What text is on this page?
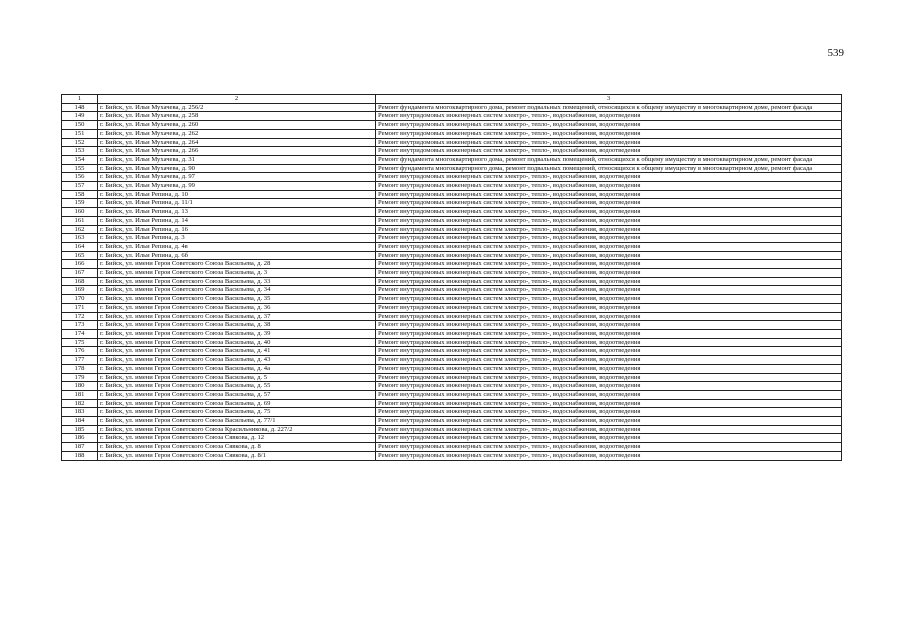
539
1	2	3
148	г. Бийск, ул. Ильи Мухачева, д. 256/2	Ремонт фундамента многоквартирного дома, ремонт подвальных помещений, относящихся к общему имуществу в многоквартирном доме, ремонт фасада
149	г. Бийск, ул. Ильи Мухачева, д. 258	Ремонт внутридомовых инженерных систем электро-, тепло-, водоснабжения, водоотведения
150	г. Бийск, ул. Ильи Мухачева, д. 260	Ремонт внутридомовых инженерных систем электро-, тепло-, водоснабжения, водоотведения
151	г. Бийск, ул. Ильи Мухачева, д. 262	Ремонт внутридомовых инженерных систем электро-, тепло-, водоснабжения, водоотведения
152	г. Бийск, ул. Ильи Мухачева, д. 264	Ремонт внутридомовых инженерных систем электро-, тепло-, водоснабжения, водоотведения
153	г. Бийск, ул. Ильи Мухачева, д. 266	Ремонт внутридомовых инженерных систем электро-, тепло-, водоснабжения, водоотведения
154	г. Бийск, ул. Ильи Мухачева, д. 31	Ремонт фундамента многоквартирного дома, ремонт подвальных помещений, относящихся к общему имуществу в многоквартирном доме, ремонт фасада
155	г. Бийск, ул. Ильи Мухачева, д. 90	Ремонт фундамента многоквартирного дома, ремонт подвальных помещений, относящихся к общему имуществу в многоквартирном доме, ремонт фасада
156	г. Бийск, ул. Ильи Мухачева, д. 97	Ремонт внутридомовых инженерных систем электро-, тепло-, водоснабжения, водоотведения
157	г. Бийск, ул. Ильи Мухачева, д. 99	Ремонт внутридомовых инженерных систем электро-, тепло-, водоснабжения, водоотведения
158	г. Бийск, ул. Ильи Репина, д. 10	Ремонт внутридомовых инженерных систем электро-, тепло-, водоснабжения, водоотведения
159	г. Бийск, ул. Ильи Репина, д. 11/1	Ремонт внутридомовых инженерных систем электро-, тепло-, водоснабжения, водоотведения
160	г. Бийск, ул. Ильи Репина, д. 13	Ремонт внутридомовых инженерных систем электро-, тепло-, водоснабжения, водоотведения
161	г. Бийск, ул. Ильи Репина, д. 14	Ремонт внутридомовых инженерных систем электро-, тепло-, водоснабжения, водоотведения
162	г. Бийск, ул. Ильи Репина, д. 16	Ремонт внутридомовых инженерных систем электро-, тепло-, водоснабжения, водоотведения
163	г. Бийск, ул. Ильи Репина, д. 3	Ремонт внутридомовых инженерных систем электро-, тепло-, водоснабжения, водоотведения
164	г. Бийск, ул. Ильи Репина, д. 4в	Ремонт внутридомовых инженерных систем электро-, тепло-, водоснабжения, водоотведения
165	г. Бийск, ул. Ильи Репина, д. 6б	Ремонт внутридомовых инженерных систем электро-, тепло-, водоснабжения, водоотведения
166	г. Бийск, ул. имени Героя Советского Союза Васильева, д. 28	Ремонт внутридомовых инженерных систем электро-, тепло-, водоснабжения, водоотведения
167	г. Бийск, ул. имени Героя Советского Союза Васильева, д. 3	Ремонт внутридомовых инженерных систем электро-, тепло-, водоснабжения, водоотведения
168	г. Бийск, ул. имени Героя Советского Союза Васильева, д. 33	Ремонт внутридомовых инженерных систем электро-, тепло-, водоснабжения, водоотведения
169	г. Бийск, ул. имени Героя Советского Союза Васильева, д. 34	Ремонт внутридомовых инженерных систем электро-, тепло-, водоснабжения, водоотведения
170	г. Бийск, ул. имени Героя Советского Союза Васильева, д. 35	Ремонт внутридомовых инженерных систем электро-, тепло-, водоснабжения, водоотведения
171	г. Бийск, ул. имени Героя Советского Союза Васильева, д. 36	Ремонт внутридомовых инженерных систем электро-, тепло-, водоснабжения, водоотведения
172	г. Бийск, ул. имени Героя Советского Союза Васильева, д. 37	Ремонт внутридомовых инженерных систем электро-, тепло-, водоснабжения, водоотведения
173	г. Бийск, ул. имени Героя Советского Союза Васильева, д. 38	Ремонт внутридомовых инженерных систем электро-, тепло-, водоснабжения, водоотведения
174	г. Бийск, ул. имени Героя Советского Союза Васильева, д. 39	Ремонт внутридомовых инженерных систем электро-, тепло-, водоснабжения, водоотведения
175	г. Бийск, ул. имени Героя Советского Союза Васильева, д. 40	Ремонт внутридомовых инженерных систем электро-, тепло-, водоснабжения, водоотведения
176	г. Бийск, ул. имени Героя Советского Союза Васильева, д. 41	Ремонт внутридомовых инженерных систем электро-, тепло-, водоснабжения, водоотведения
177	г. Бийск, ул. имени Героя Советского Союза Васильева, д. 43	Ремонт внутридомовых инженерных систем электро-, тепло-, водоснабжения, водоотведения
178	г. Бийск, ул. имени Героя Советского Союза Васильева, д. 4а	Ремонт внутридомовых инженерных систем электро-, тепло-, водоснабжения, водоотведения
179	г. Бийск, ул. имени Героя Советского Союза Васильева, д. 5	Ремонт внутридомовых инженерных систем электро-, тепло-, водоснабжения, водоотведения
180	г. Бийск, ул. имени Героя Советского Союза Васильева, д. 55	Ремонт внутридомовых инженерных систем электро-, тепло-, водоснабжения, водоотведения
181	г. Бийск, ул. имени Героя Советского Союза Васильева, д. 57	Ремонт внутридомовых инженерных систем электро-, тепло-, водоснабжения, водоотведения
182	г. Бийск, ул. имени Героя Советского Союза Васильева, д. 69	Ремонт внутридомовых инженерных систем электро-, тепло-, водоснабжения, водоотведения
183	г. Бийск, ул. имени Героя Советского Союза Васильева, д. 75	Ремонт внутридомовых инженерных систем электро-, тепло-, водоснабжения, водоотведения
184	г. Бийск, ул. имени Героя Советского Союза Васильева, д. 77/1	Ремонт внутридомовых инженерных систем электро-, тепло-, водоснабжения, водоотведения
185	г. Бийск, ул. имени Героя Советского Союза Красильникова, д. 227/2	Ремонт внутридомовых инженерных систем электро-, тепло-, водоснабжения, водоотведения
186	г. Бийск, ул. имени Героя Советского Союза Сявкова, д. 12	Ремонт внутридомовых инженерных систем электро-, тепло-, водоснабжения, водоотведения
187	г. Бийск, ул. имени Героя Советского Союза Сявкова, д. 8	Ремонт внутридомовых инженерных систем электро-, тепло-, водоснабжения, водоотведения
188	г. Бийск, ул. имени Героя Советского Союза Сявкова, д. 8/1	Ремонт внутридомовых инженерных систем электро-, тепло-, водоснабжения, водоотведения
